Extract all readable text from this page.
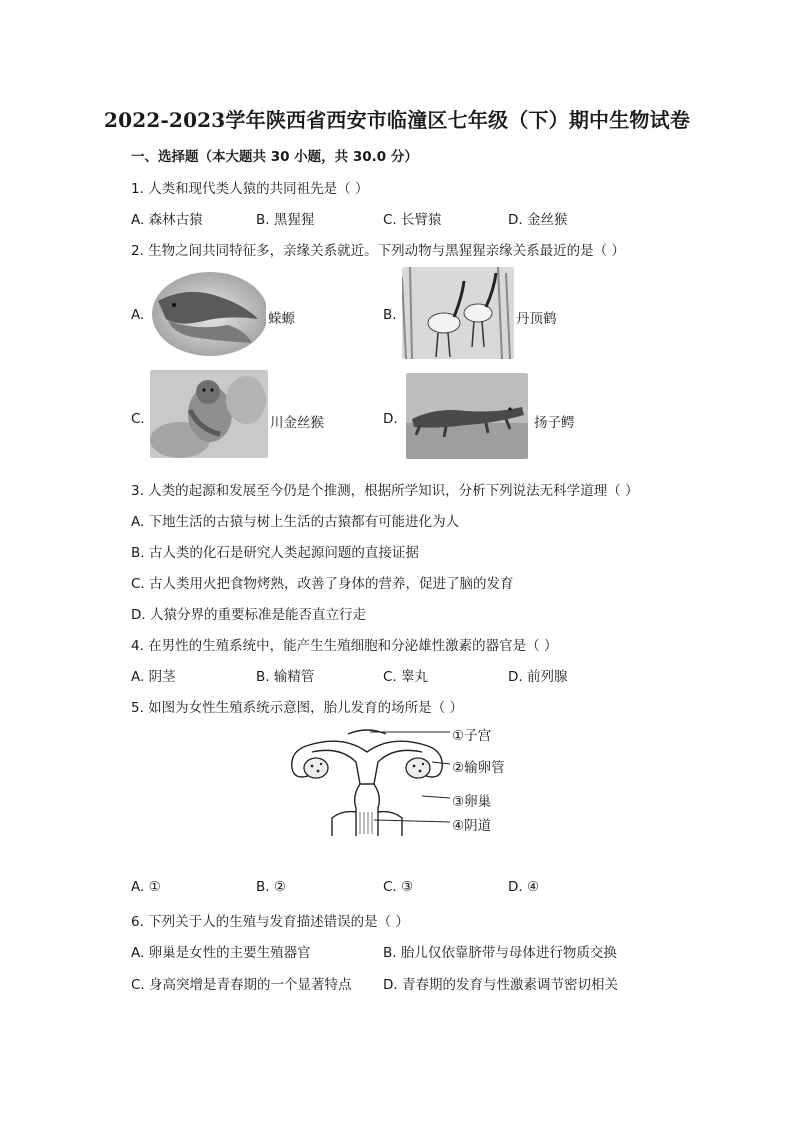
2022-2023学年陕西省西安市临潼区七年级（下）期中生物试卷
一、选择题（本大题共 30 小题，共 30.0 分）
1. 人类和现代类人猿的共同祖先是（ ）
A. 森林古猿	B. 黑猩猩	C. 长臂猿	D. 金丝猴
2. 生物之间共同特征多，亲缘关系就近。下列动物与黑猩猩亲缘关系最近的是（ ）
A.	蝾螈	B.	丹顶鹤
C.	川金丝猴	D.	扬子鳄
3. 人类的起源和发展至今仍是个推测，根据所学知识，分析下列说法无科学道理（ ）
A. 下地生活的古猿与树上生活的古猿都有可能进化为人
B. 古人类的化石是研究人类起源问题的直接证据
C. 古人类用火把食物烤熟，改善了身体的营养，促进了脑的发育
D. 人猿分界的重要标准是能否直立行走
4. 在男性的生殖系统中，能产生生殖细胞和分泌雄性激素的器官是（ ）
A. 阴茎	B. 输精管	C. 睾丸	D. 前列腺
5. 如图为女性生殖系统示意图，胎儿发育的场所是（ ）
①子宫
②输卵管
③卵巢
④阴道
A. ①	B. ②	C. ③	D. ④
6. 下列关于人的生殖与发育描述错误的是（ ）
A. 卵巢是女性的主要生殖器官	B. 胎儿仅依靠脐带与母体进行物质交换
C. 身高突增是青春期的一个显著特点 D. 青春期的发育与性激素调节密切相关
